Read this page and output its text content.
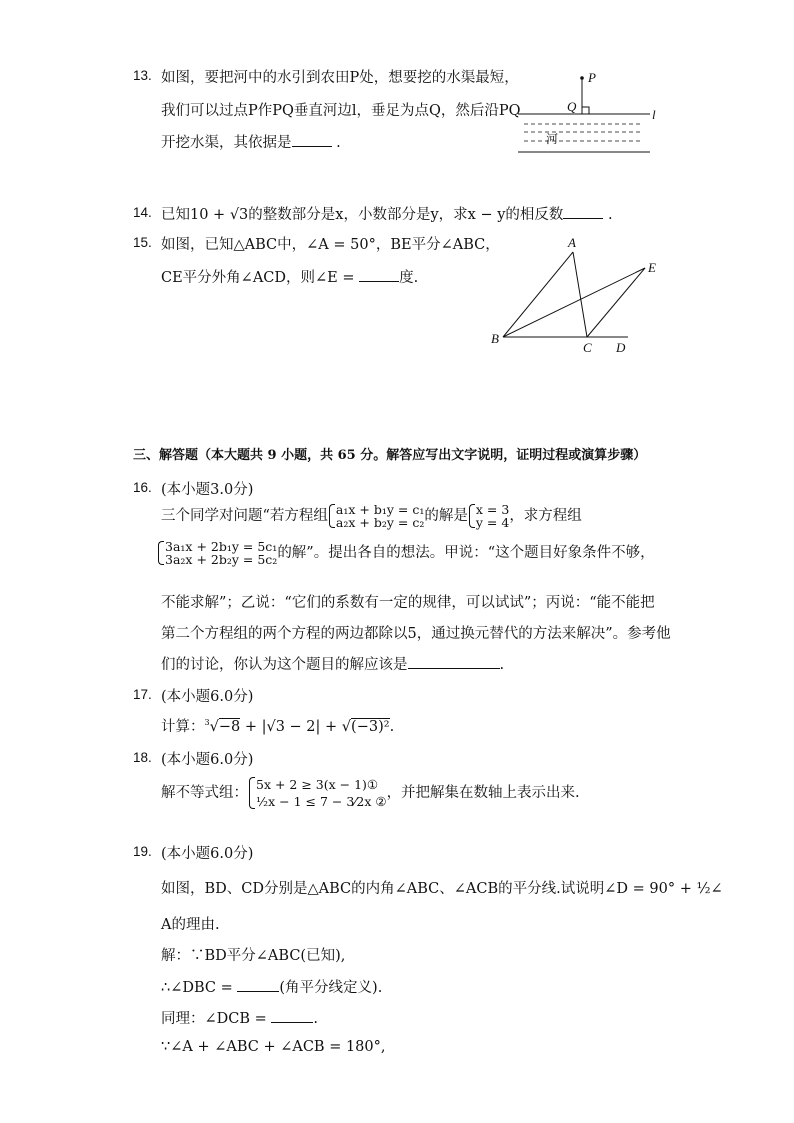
13. 如图，要把河中的水引到农田P处，想要挖的水渠最短，
我们可以过点P作PQ垂直河边l，垂足为点Q，然后沿PQ
开挖水渠，其依据是	.
P
Q
l
河
14. 已知10 + √3的整数部分是x，小数部分是y，求x − y的相反数	.
15. 如图，已知△ABC中，∠A = 50°，BE平分∠ABC，
CE平分外角∠ACD，则∠E =	度.
A
B
C D
E
三、解答题（本大题共 9 小题，共 65 分。解答应写出文字说明，证明过程或演算步骤）
16. (本小题3.0分)
三个同学对问题“若方程组 a₁x + b₁y = c₁
a₂x + b₂y = c₂ 的解是 x = 3
y = 4 ，求方程组
3a₁x + 2b₁y = 5c₁
3a₂x + 2b₂y = 5c₂ 的解”。提出各自的想法。甲说：“这个题目好象条件不够，
不能求解”；乙说：“它们的系数有一定的规律，可以试试”；丙说：“能不能把
第二个方程组的两个方程的两边都除以5，通过换元替代的方法来解决”。参考他
们的讨论，你认为这个题目的解应该是	.
17. (本小题6.0分)
计算：$^3$√−8 + |√3 − 2| + √(−3)².
18. (本小题6.0分)
解不等式组：
5x + 2 ≥ 3(x − 1)①
½x − 1 ≤ 7 − 3⁄2x ②
，并把解集在数轴上表示出来.
19. (本小题6.0分)
如图，BD、CD分别是△ABC的内角∠ABC、∠ACB的平分线.试说明∠D = 90° + ½∠
A的理由.
解：∵BD平分∠ABC(已知),
∴∠DBC =	(角平分线定义).
同理：∠DCB =	.
∵∠A + ∠ABC + ∠ACB = 180°,
